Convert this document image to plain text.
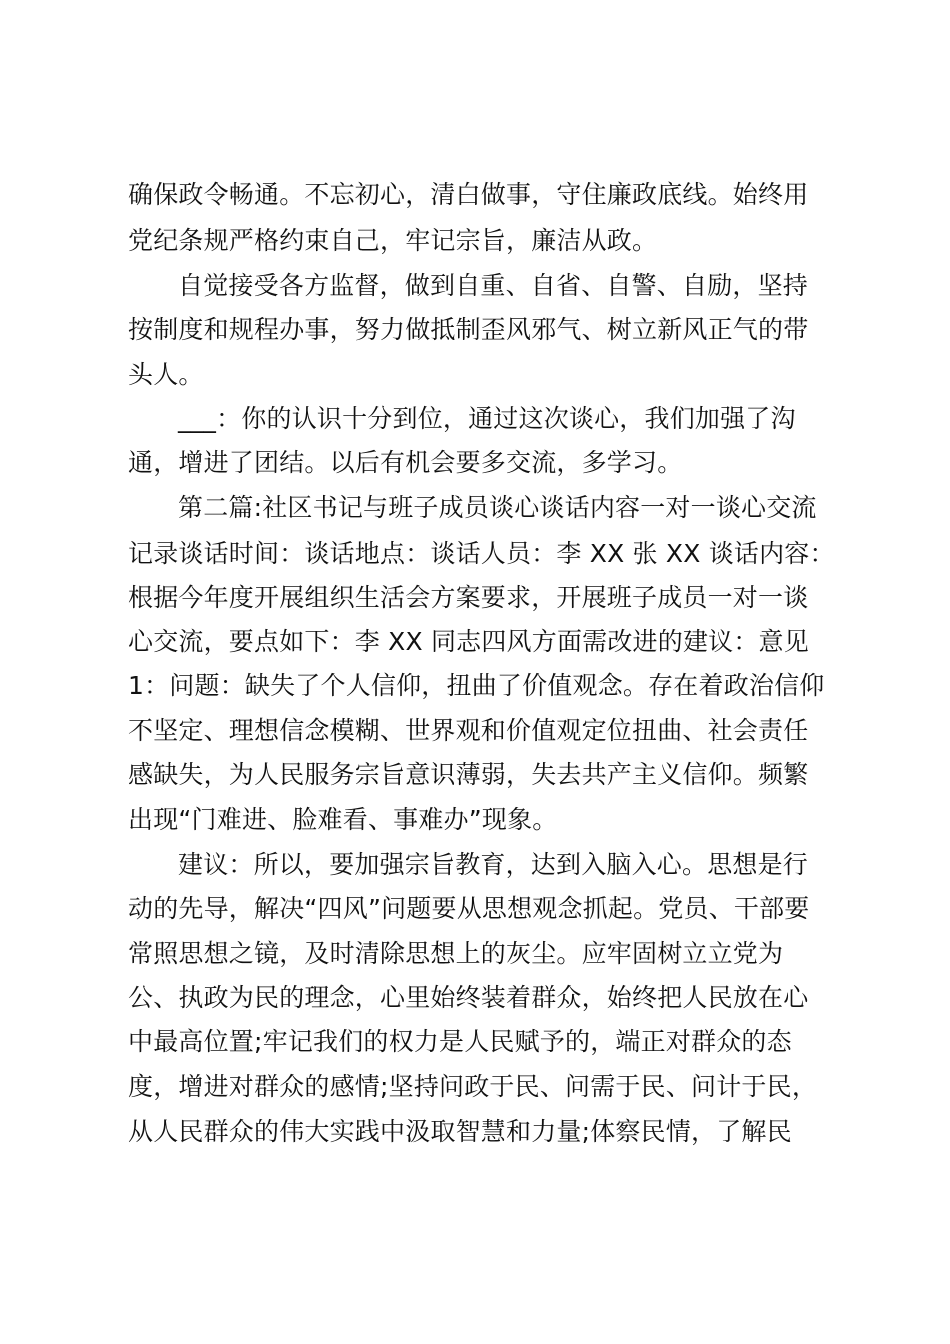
确保政令畅通。不忘初心，清白做事，守住廉政底线。始终用
党纪条规严格约束自己，牢记宗旨，廉洁从政。
自觉接受各方监督，做到自重、自省、自警、自励，坚持
按制度和规程办事，努力做抵制歪风邪气、树立新风正气的带
头人。
___：你的认识十分到位，通过这次谈心，我们加强了沟
通，增进了团结。以后有机会要多交流，多学习。
第二篇:社区书记与班子成员谈心谈话内容一对一谈心交流
记录谈话时间：谈话地点：谈话人员：李 XX 张 XX 谈话内容：
根据今年度开展组织生活会方案要求，开展班子成员一对一谈
心交流，要点如下：李 XX 同志四风方面需改进的建议：意见
1：问题：缺失了个人信仰，扭曲了价值观念。存在着政治信仰
不坚定、理想信念模糊、世界观和价值观定位扭曲、社会责任
感缺失，为人民服务宗旨意识薄弱，失去共产主义信仰。频繁
出现“门难进、脸难看、事难办”现象。
建议：所以，要加强宗旨教育，达到入脑入心。思想是行
动的先导，解决“四风”问题要从思想观念抓起。党员、干部要
常照思想之镜，及时清除思想上的灰尘。应牢固树立立党为
公、执政为民的理念，心里始终装着群众，始终把人民放在心
中最高位置;牢记我们的权力是人民赋予的，端正对群众的态
度，增进对群众的感情;坚持问政于民、问需于民、问计于民，
从人民群众的伟大实践中汲取智慧和力量;体察民情，了解民
